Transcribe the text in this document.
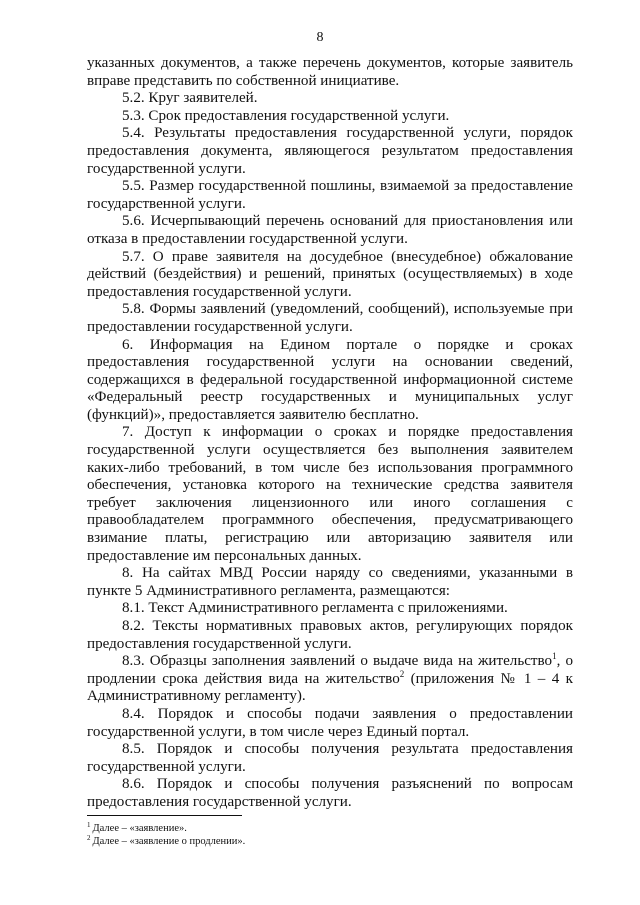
8

указанных документов, а также перечень документов, которые заявитель вправе представить по собственной инициативе.

5.2. Круг заявителей.

5.3. Срок предоставления государственной услуги.

5.4. Результаты предоставления государственной услуги, порядок предоставления документа, являющегося результатом предоставления государственной услуги.

5.5. Размер государственной пошлины, взимаемой за предоставление государственной услуги.

5.6. Исчерпывающий перечень оснований для приостановления или отказа в предоставлении государственной услуги.

5.7. О праве заявителя на досудебное (внесудебное) обжалование действий (бездействия) и решений, принятых (осуществляемых) в ходе предоставления государственной услуги.

5.8. Формы заявлений (уведомлений, сообщений), используемые при предоставлении государственной услуги.

6. Информация на Едином портале о порядке и сроках предоставления государственной услуги на основании сведений, содержащихся в федеральной государственной информационной системе «Федеральный реестр государственных и муниципальных услуг (функций)», предоставляется заявителю бесплатно.

7. Доступ к информации о сроках и порядке предоставления государственной услуги осуществляется без выполнения заявителем каких-либо требований, в том числе без использования программного обеспечения, установка которого на технические средства заявителя требует заключения лицензионного или иного соглашения с правообладателем программного обеспечения, предусматривающего взимание платы, регистрацию или авторизацию заявителя или предоставление им персональных данных.

8. На сайтах МВД России наряду со сведениями, указанными в пункте 5 Административного регламента, размещаются:

8.1. Текст Административного регламента с приложениями.

8.2. Тексты нормативных правовых актов, регулирующих порядок предоставления государственной услуги.

8.3. Образцы заполнения заявлений о выдаче вида на жительство$^1$, о продлении срока действия вида на жительство$^2$ (приложения № 1 – 4 к Административному регламенту).

8.4. Порядок и способы подачи заявления о предоставлении государственной услуги, в том числе через Единый портал.

8.5. Порядок и способы получения результата предоставления государственной услуги.

8.6. Порядок и способы получения разъяснений по вопросам предоставления государственной услуги.

$^1$ Далее – «заявление».

$^2$ Далее – «заявление о продлении».
